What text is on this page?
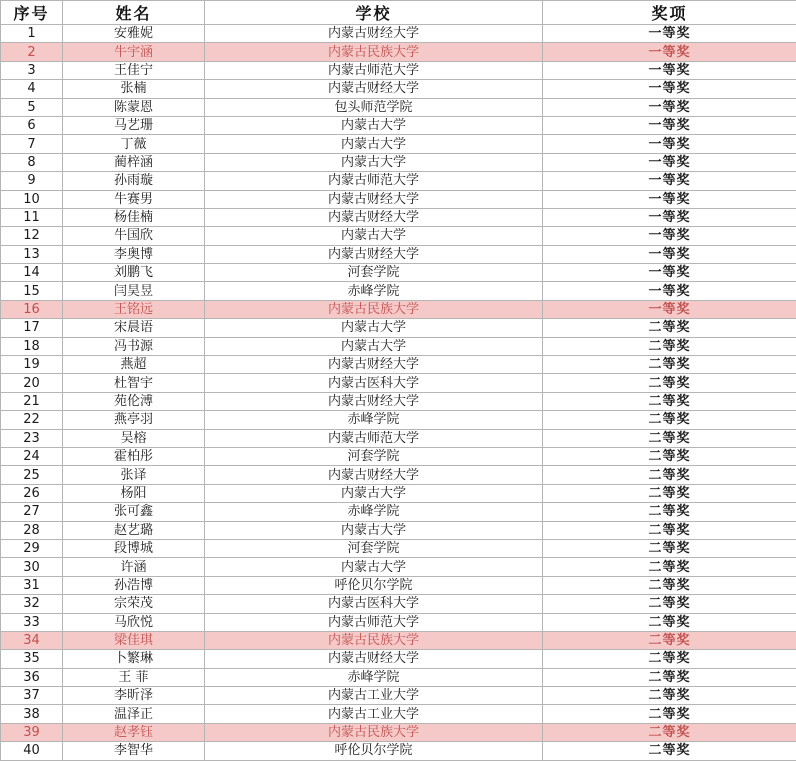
序号	姓名	学校	奖项
1	安雅妮	内蒙古财经大学	一等奖
2	牛宇涵	内蒙古民族大学	一等奖
3	王佳宁	内蒙古师范大学	一等奖
4	张楠	内蒙古财经大学	一等奖
5	陈蒙恩	包头师范学院	一等奖
6	马艺珊	内蒙古大学	一等奖
7	丁薇	内蒙古大学	一等奖
8	蔺梓涵	内蒙古大学	一等奖
9	孙雨璇	内蒙古师范大学	一等奖
10	牛赛男	内蒙古财经大学	一等奖
11	杨佳楠	内蒙古财经大学	一等奖
12	牛国欣	内蒙古大学	一等奖
13	李奥博	内蒙古财经大学	一等奖
14	刘鹏飞	河套学院	一等奖
15	闫昊昱	赤峰学院	一等奖
16	王铭远	内蒙古民族大学	一等奖
17	宋晨语	内蒙古大学	二等奖
18	冯书源	内蒙古大学	二等奖
19	燕超	内蒙古财经大学	二等奖
20	杜智宇	内蒙古医科大学	二等奖
21	苑伦溥	内蒙古财经大学	二等奖
22	燕亭羽	赤峰学院	二等奖
23	吴榕	内蒙古师范大学	二等奖
24	霍柏彤	河套学院	二等奖
25	张译	内蒙古财经大学	二等奖
26	杨阳	内蒙古大学	二等奖
27	张可鑫	赤峰学院	二等奖
28	赵艺璐	内蒙古大学	二等奖
29	段博城	河套学院	二等奖
30	许涵	内蒙古大学	二等奖
31	孙浩博	呼伦贝尔学院	二等奖
32	宗荣茂	内蒙古医科大学	二等奖
33	马欣悦	内蒙古师范大学	二等奖
34	梁佳琪	内蒙古民族大学	二等奖
35	卜繁琳	内蒙古财经大学	二等奖
36	王 菲	赤峰学院	二等奖
37	李昕泽	内蒙古工业大学	二等奖
38	温泽正	内蒙古工业大学	二等奖
39	赵孝钰	内蒙古民族大学	二等奖
40	李智华	呼伦贝尔学院	二等奖
